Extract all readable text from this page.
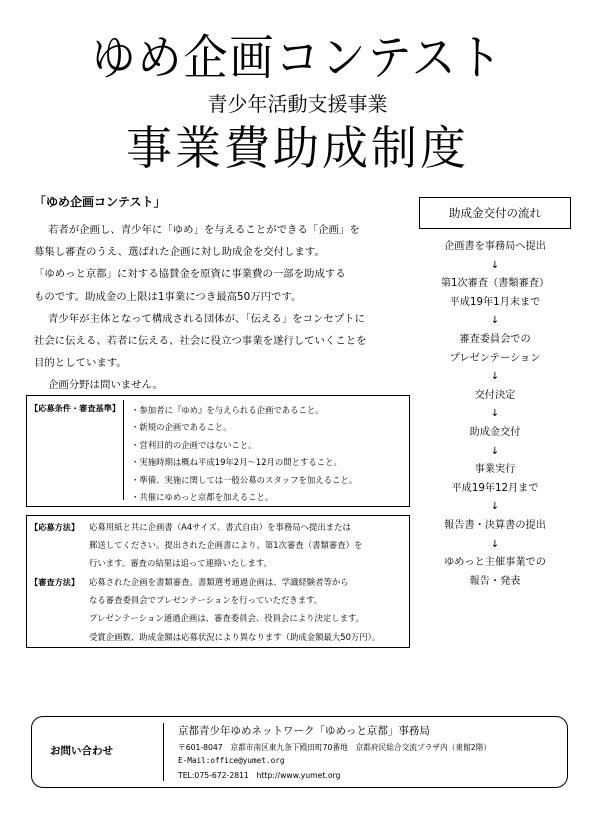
ゆめ企画コンテスト
青少年活動支援事業
事業費助成制度
「ゆめ企画コンテスト」

若者が企画し、青少年に「ゆめ」を与えることができる「企画」を

募集し審査のうえ、選ばれた企画に対し助成金を交付します。

「ゆめっと京都」に対する協賛金を原資に事業費の一部を助成する

ものです。助成金の上限は1事業につき最高50万円です。

青少年が主体となって構成される団体が、「伝える」をコンセプトに

社会に伝える、若者に伝える、社会に役立つ事業を遂行していくことを

目的としています。

企画分野は問いません。

【応募条件・審査基準】 ・参加者に『ゆめ』を与えられる企画であること。
・新規の企画であること。
・営利目的の企画ではないこと。
・実施時期は概ね平成19年2月～12月の間とすること。
・準備、実施に関しては一般公募のスタッフを加えること。
・共催にゆめっと京都を加えること。
【応募方法】 応募用紙と共に企画書（A4サイズ、書式自由）を事務局へ提出または

郵送してください。提出された企画書により、第1次審査（書類審査）を

行います。審査の結果は追って連絡いたします。

【審査方法】 応募された企画を書類審査。書類選考通過企画は、学識経験者等から

なる審査委員会でプレゼンテーションを行っていただきます。

プレゼンテーション通過企画は、審査委員会、役員会により決定します。

受賞企画数、助成金額は応募状況により異なります（助成金額最大50万円）。

助成金交付の流れ
企画書を事務局へ提出
↓
第1次審査（書類審査）
平成19年1月末まで
↓
審査委員会での
プレゼンテーション
↓
交付決定
↓
助成金交付
↓
事業実行
平成19年12月まで
↓
報告書・決算書の提出
↓
ゆめっと主催事業での
報告・発表
お問い合わせ
京都青少年ゆめネットワーク「ゆめっと京都」事務局
〒601-8047　京都市南区東九条下殿田町70番地　京都府民総合交流プラザ内（東館2階）
E-Mail:office@yumet.org
TEL:075-672-2811　http://www.yumet.org
